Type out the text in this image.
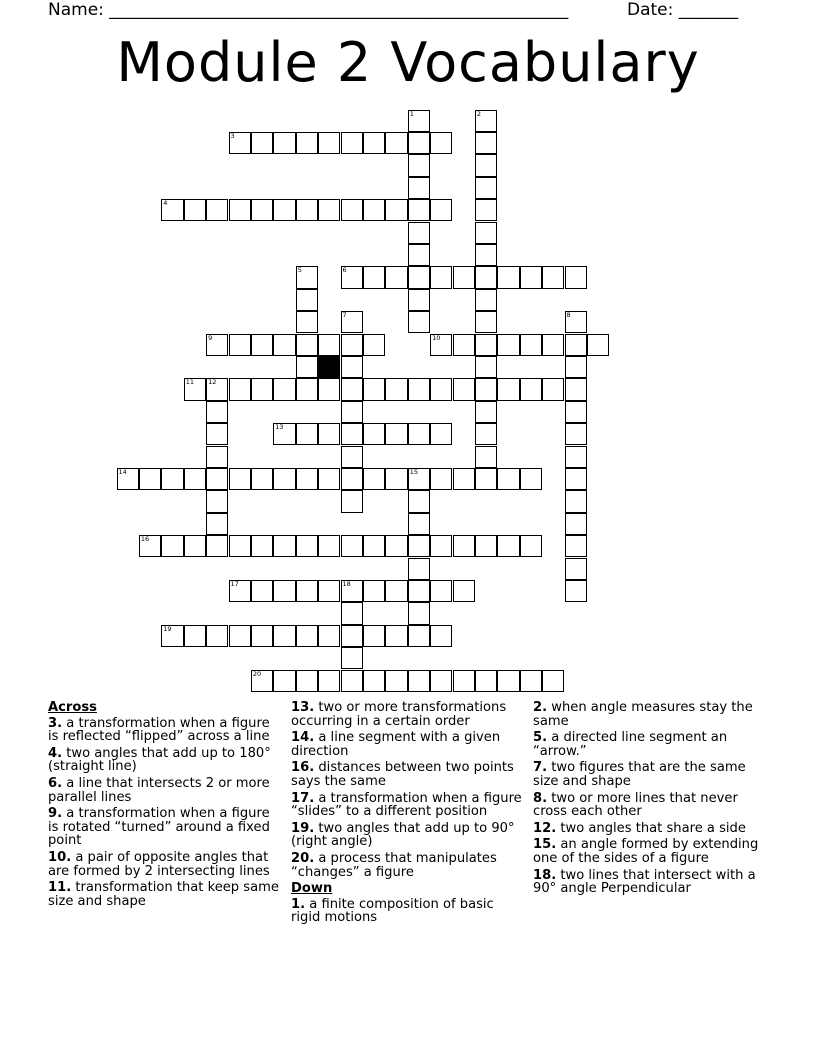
Name: ______________________________________________________	Date: _______
Module 2 Vocabulary
1	2
3
4
5	6
7	8
9	10
11 12
13
14	15
16
17	18
19
20
Across
3. a transformation when a figure is reflected “flipped” across a line
4. two angles that add up to 180° (straight line)
6. a line that intersects 2 or more parallel lines
9. a transformation when a figure is rotated “turned” around a fixed point
10. a pair of opposite angles that are formed by 2 intersecting lines
11. transformation that keep same size and shape
13. two or more transformations occurring in a certain order
14. a line segment with a given direction
16. distances between two points says the same
17. a transformation when a figure “slides” to a different position
19. two angles that add up to 90° (right angle)
20. a process that manipulates “changes” a figure
Down
1. a finite composition of basic rigid motions
2. when angle measures stay the same
5. a directed line segment an “arrow.”
7. two figures that are the same size and shape
8. two or more lines that never cross each other
12. two angles that share a side
15. an angle formed by extending one of the sides of a figure
18. two lines that intersect with a 90° angle Perpendicular
